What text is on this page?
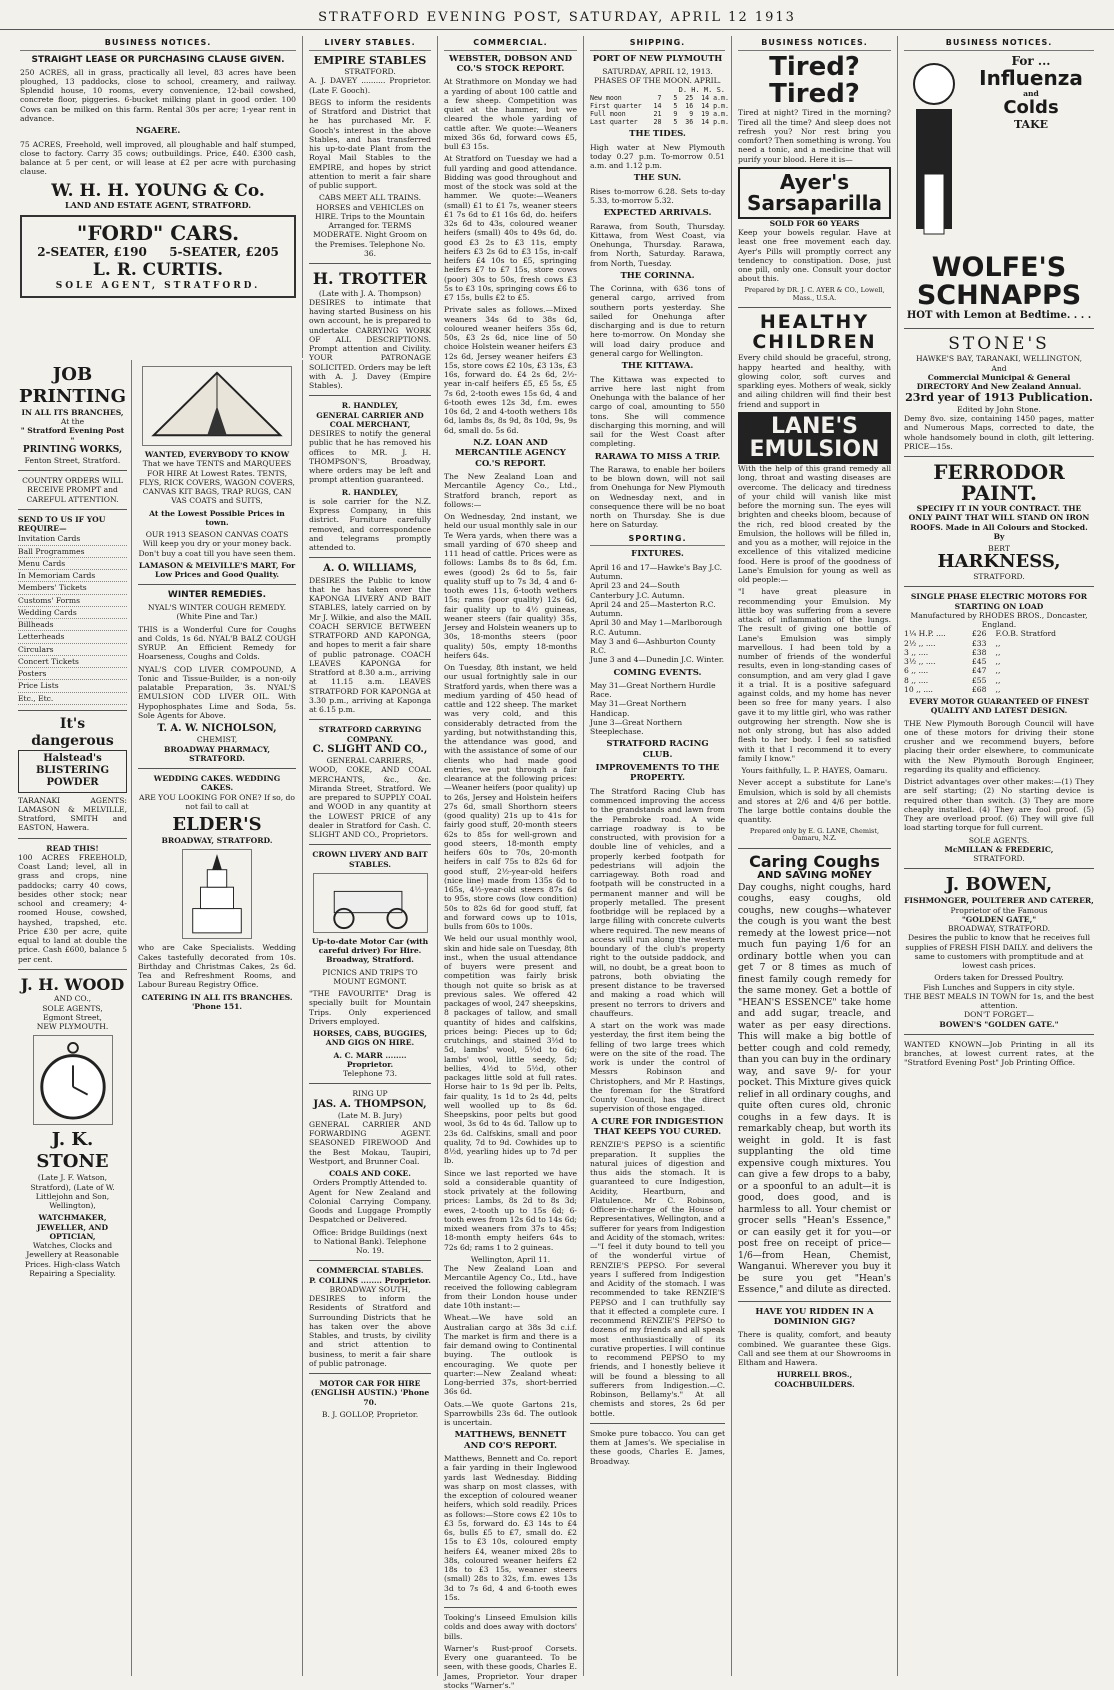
STRATFORD EVENING POST, SATURDAY, APRIL 12 1913
BUSINESS NOTICES.
STRAIGHT LEASE OR PURCHASING CLAUSE GIVEN.

250 ACRES, all in grass, practically all level, 83 acres have been ploughed, 13 paddocks, close to school, creamery, and railway. Splendid house, 10 rooms, every convenience, 12-bail cowshed, concrete floor, piggeries. 6-bucket milking plant in good order. 100 Cows can be milked on this farm. Rental 30s per acre; 1-year rent in advance.

NGAERE.

75 ACRES, Freehold, well improved, all ploughable and half stumped, close to factory. Carry 35 cows; outbuildings. Price, £40. £300 cash, balance at 5 per cent, or will lease at £2 per acre with purchasing clause.

W. H. H. YOUNG & Co.
LAND AND ESTATE AGENT, STRATFORD.
"FORD" CARS.
2-SEATER, £190 5-SEATER, £205
L. R. CURTIS.
SOLE AGENT, STRATFORD.
JOB
PRINTING
IN ALL ITS BRANCHES,
At the
" Stratford Evening Post "
PRINTING WORKS,
Fenton Street, Stratford.

COUNTRY ORDERS WILL RECEIVE PROMPT and CAREFUL ATTENTION.

SEND TO US IF YOU REQUIRE—
Invitation Cards
Ball Programmes
Menu Cards
In Memoriam Cards
Members' Tickets
Customs' Forms
Wedding Cards
Billheads
Letterheads
Circulars
Concert Tickets
Posters
Price Lists
Etc., Etc.
It's dangerous
Halstead's BLISTERING POWDER

TARANAKI AGENTS: LAMASON & MELVILLE, Stratford, SMITH and EASTON, Hawera.

READ THIS!

100 ACRES FREEHOLD, Coast Land; level, all in grass and crops, nine paddocks; carry 40 cows, besides other stock; near school and creamery; 4-roomed House, cowshed, hayshed, trapshed, etc. Price £30 per acre, quite equal to land at double the price. Cash £600, balance 5 per cent.

J. H. WOOD
AND CO.,
SOLE AGENTS,
Egmont Street,
NEW PLYMOUTH.
J. K. STONE

(Late J. F. Watson, Stratford), (Late of W. Littlejohn and Son, Wellington),

WATCHMAKER, JEWELLER, AND OPTICIAN,

Watches, Clocks and Jewellery at Reasonable Prices. High-class Watch Repairing a Speciality.

WANTED, EVERYBODY TO KNOW

That we have TENTS and MARQUEES FOR HIRE At Lowest Rates. TENTS, FLYS, RICK COVERS, WAGON COVERS, CANVAS KIT BAGS, TRAP RUGS, CAN VAS COATS and SUITS,

At the Lowest Possible Prices in town.

OUR 1913 SEASON CANVAS COATS Will keep you dry or your money back. Don't buy a coat till you have seen them.

LAMASON & MELVILLE'S MART, For Low Prices and Good Quality.
WINTER REMEDIES.

NYAL'S WINTER COUGH REMEDY. (White Pine and Tar.)

THIS is a Wonderful Cure for Coughs and Colds, 1s 6d. NYAL'B BALZ COUGH SYRUP. An Efficient Remedy for Hoarseness, Coughs and Colds.

NYAL'S COD LIVER COMPOUND, A Tonic and Tissue-Builder, is a non-oily palatable Preparation, 3s. NYAL'S EMULSION COD LIVER OIL. With Hypophosphates Lime and Soda, 5s. Sole Agents for Above.

T. A. W. NICHOLSON,
CHEMIST,
BROADWAY PHARMACY, STRATFORD.
WEDDING CAKES. WEDDING CAKES.

ARE YOU LOOKING FOR ONE? If so, do not fail to call at

ELDER'S
BROADWAY, STRATFORD.

who are Cake Specialists. Wedding Cakes tastefully decorated from 10s. Birthday and Christmas Cakes, 2s 6d. Tea and Refreshment Rooms, and Labour Bureau Registry Office.

CATERING IN ALL ITS BRANCHES. 'Phone 151.
LIVERY STABLES.
EMPIRE STABLES
STRATFORD.

A. J. DAVEY .......... Proprietor. (Late F. Gooch).

BEGS to inform the residents of Stratford and District that he has purchased Mr. F. Gooch's interest in the above Stables, and has transferred his up-to-date Plant from the Royal Mail Stables to the EMPIRE, and hopes by strict attention to merit a fair share of public support.

CABS MEET ALL TRAINS. HORSES and VEHICLES on HIRE. Trips to the Mountain Arranged for. TERMS MODERATE. Night Groom on the Premises. Telephone No. 36.

H. TROTTER
(Late with J. A. Thompson)

DESIRES to intimate that having started Business on his own account, he is prepared to undertake CARRYING WORK OF ALL DESCRIPTIONS. Prompt attention and Civility. YOUR PATRONAGE SOLICITED. Orders may be left with A. J. Davey (Empire Stables).

R. HANDLEY,
GENERAL CARRIER AND COAL MERCHANT,

DESIRES to notify the general public that he has removed his offices to MR. J. H. THOMPSON'S, Broadway, where orders may be left and prompt attention guaranteed.

R. HANDLEY,

is sole carrier for the N.Z. Express Company, in this district. Furniture carefully removed, and correspondence and telegrams promptly attended to.

A. O. WILLIAMS,

DESIRES the Public to know that he has taken over the KAPONGA LIVERY AND BAIT STABLES, lately carried on by Mr J. Wilkie, and also the MAIL COACH SERVICE BETWEEN STRATFORD AND KAPONGA, and hopes to merit a fair share of public patronage. COACH LEAVES KAPONGA for Stratford at 8.30 a.m., arriving at 11.15 a.m. LEAVES STRATFORD FOR KAPONGA at 3.30 p.m., arriving at Kaponga at 6.15 p.m.

STRATFORD CARRYING COMPANY.
C. SLIGHT AND CO.,
GENERAL CARRIERS,

WOOD, COKE, AND COAL MERCHANTS, &c., &c. Miranda Street, Stratford. We are prepared to SUPPLY COAL and WOOD in any quantity at the LOWEST PRICE of any dealer in Stratford for Cash. C. SLIGHT AND CO., Proprietors.

CROWN LIVERY AND BAIT STABLES.

Up-to-date Motor Car (with careful driver) For Hire. Broadway, Stratford.

PICNICS AND TRIPS TO MOUNT EGMONT.

"THE FAVOURITE" Drag is specially built for Mountain Trips. Only experienced Drivers employed.

HORSES, CABS, BUGGIES, AND GIGS ON HIRE.

A. C. MARR ........ Proprietor.
Telephone 73.
RING UP
JAS. A. THOMPSON,
(Late M. B. Jury)

GENERAL CARRIER AND FORWARDING AGENT. SEASONED FIREWOOD And the Best Mokau, Taupiri, Westport, and Brunner Coal.

COALS AND COKE.
Orders Promptly Attended to.

Agent for New Zealand and Colonial Carrying Company. Goods and Luggage Promptly Despatched or Delivered.

Office: Bridge Buildings (next to National Bank). Telephone No. 19.

COMMERCIAL STABLES.
P. COLLINS ........ Proprietor.
BROADWAY SOUTH,

DESIRES to inform the Residents of Stratford and Surrounding Districts that he has taken over the above Stables, and trusts, by civility and strict attention to business, to merit a fair share of public patronage.

MOTOR CAR FOR HIRE (ENGLISH AUSTIN.) 'Phone 70.

B. J. GOLLOP, Proprietor.
COMMERCIAL.
WEBSTER, DOBSON AND CO.'S STOCK REPORT.

At Strathmore on Monday we had a yarding of about 100 cattle and a few sheep. Competition was quiet at the hammer, but we cleared the whole yarding of cattle after. We quote:—Weaners mixed 36s 6d, forward cows £5, bull £3 15s.

At Stratford on Tuesday we had a full yarding and good attendance. Bidding was good throughout and most of the stock was sold at the hammer. We quote:—Weaners (small) £1 to £1 7s, weaner steers £1 7s 6d to £1 16s 6d, do. heifers 32s 6d to 43s, coloured weaner heifers (small) 40s to 49s 6d, do. good £3 2s to £3 11s, empty heifers £3 2s 6d to £3 15s, in-calf heifers £4 10s to £5, springing heifers £7 to £7 15s, store cows (poor) 30s to 50s, fresh cows £3 5s to £3 10s, springing cows £6 to £7 15s, bulls £2 to £5.

Private sales as follows.—Mixed weaners 34s 6d to 38s 6d, coloured weaner heifers 35s 6d, 50s, £3 2s 6d, nice line of 50 choice Holstein weaner heifers £3 12s 6d, Jersey weaner heifers £3 15s, store cows £2 10s, £3 13s, £3 16s, forward do. £4 2s 6d, 2½-year in-calf heifers £5, £5 5s, £5 7s 6d, 2-tooth ewes 15s 6d, 4 and 6-tooth ewes 12s 3d, f.m. ewes 10s 6d, 2 and 4-tooth wethers 18s 6d, lambs 8s, 8s 9d, 8s 10d, 9s, 9s 6d, small do. 5s 6d.

N.Z. LOAN AND MERCANTILE AGENCY CO.'S REPORT.

The New Zealand Loan and Mercantile Agency Co., Ltd., Stratford branch, report as follows:—

On Wednesday, 2nd instant, we held our usual monthly sale in our Te Wera yards, when there was a small yarding of 670 sheep and 111 head of cattle. Prices were as follows: Lambs 8s to 8s 6d, f.m. ewes (good) 2s 6d to 5s, fair quality stuff up to 7s 3d, 4 and 6-tooth ewes 11s, 6-tooth wethers 15s; rams (poor quality) 12s 6d, fair quality up to 4½ guineas, weaner steers (fair quality) 35s, Jersey and Holstein weaners up to 30s, 18-months steers (poor quality) 50s, empty 18-months heifers 64s.

On Tuesday, 8th instant, we held our usual fortnightly sale in our Stratford yards, when there was a medium yarding of 450 head of cattle and 122 sheep. The market was very cold, and this considerably detracted from the yarding, but notwithstanding this, the attendance was good, and with the assistance of some of our clients who had made good entries, we put through a fair clearance at the following prices:—Weaner heifers (poor quality) up to 26s, Jersey and Holstein heifers 27s 6d, small Shorthorn steers (good quality) 21s up to 41s for fairly good stuff, 20-month steers 62s to 85s for well-grown and good steers, 18-month empty heifers 60s to 70s, 20-month heifers in calf 75s to 82s 6d for good stuff, 2½-year-old heifers (nice line) made from 135s 6d to 165s, 4½-year-old steers 87s 6d to 95s, store cows (low condition) 50s to 82s 6d for good stuff, fat and forward cows up to 101s, bulls from 60s to 100s.

We held our usual monthly wool, skin and hide sale on Tuesday, 8th inst., when the usual attendance of buyers were present and competition was fairly brisk though not quite so brisk as at previous sales. We offered 42 packages of wool, 247 sheepskins, 8 packages of tallow, and small quantity of hides and calfskins, prices being: Pieces up to 6d; crutchings, and stained 3½d to 5d, lambs' wool, 5½d to 6d; lambs' wool, little seedy, 5d; bellies, 4½d to 5½d, other packages little sold at full rates. Horse hair to 1s 9d per lb. Pelts, fair quality, 1s 1d to 2s 4d, pelts well woolled up to 8s 6d. Sheepskins, poor pelts but good wool, 3s 6d to 4s 6d. Tallow up to 23s 6d. Calfskins, small and poor quality, 7d to 9d. Cowhides up to 8½d, yearling hides up to 7d per lb.

Since we last reported we have sold a considerable quantity of stock privately at the following prices: Lambs, 8s 2d to 8s 3d; ewes, 2-tooth up to 15s 6d; 6-tooth ewes from 12s 6d to 14s 6d; mixed weaners from 37s to 45s; 18-month empty heifers 64s to 72s 6d; rams 1 to 2 guineas.

Wellington, April 11.

The New Zealand Loan and Mercantile Agency Co., Ltd., have received the following cablegram from their London house under date 10th instant:—

Wheat.—We have sold an Australian cargo at 38s 3d c.i.f. The market is firm and there is a fair demand owing to Continental buying. The outlook is encouraging. We quote per quarter:—New Zealand wheat: Long-berried 37s, short-berried 36s 6d.

Oats.—We quote Gartons 21s, Sparrowbills 23s 6d. The outlook is uncertain.

MATTHEWS, BENNETT AND CO'S REPORT.

Matthews, Bennett and Co. report a fair yarding in their Inglewood yards last Wednesday. Bidding was sharp on most classes, with the exception of coloured weaner heifers, which sold readily. Prices as follows:—Store cows £2 10s to £3 5s, forward do. £3 14s to £4 6s, bulls £5 to £7, small do. £2 15s to £3 10s, coloured empty heifers £4, weaner mixed 28s to 38s, coloured weaner heifers £2 18s to £3 15s, weaner steers (small) 28s to 32s, f.m. ewes 13s 3d to 7s 6d, 4 and 6-tooth ewes 15s.

Tooking's Linseed Emulsion kills colds and does away with doctors' bills.

Warner's Rust-proof Corsets. Every one guaranteed. To be seen, with these goods, Charles E. James, Proprietor. Your draper stocks "Warner's."

SHIPPING.
PORT OF NEW PLYMOUTH
SATURDAY, APRIL 12, 1913.
PHASES OF THE MOON. APRIL.
D. H. M. S.
New moon         7   5  25  14 a.m.
First quarter   14   5  16  14 p.m.
Full moon       21   9   9  19 a.m.
Last quarter    28   5  36  14 p.m.
THE TIDES.

High water at New Plymouth today 0.27 p.m. To-morrow 0.51 a.m. and 1.12 p.m.

THE SUN.

Rises to-morrow 6.28. Sets to-day 5.33, to-morrow 5.32.

EXPECTED ARRIVALS.

Rarawa, from South, Thursday. Kittawa, from West Coast, via Onehunga, Thursday. Rarawa, from North, Saturday. Rarawa, from North, Tuesday.

THE CORINNA.

The Corinna, with 636 tons of general cargo, arrived from southern ports yesterday. She sailed for Onehunga after discharging and is due to return here to-morrow. On Monday she will load dairy produce and general cargo for Wellington.

THE KITTAWA.

The Kittawa was expected to arrive here last night from Onehunga with the balance of her cargo of coal, amounting to 550 tons. She will commence discharging this morning, and will sail for the West Coast after completing.

RARAWA TO MISS A TRIP.

The Rarawa, to enable her boilers to be blown down, will not sail from Onehunga for New Plymouth on Wednesday next, and in consequence there will be no boat north on Thursday. She is due here on Saturday.

SPORTING.
FIXTURES.
April 16 and 17—Hawke's Bay J.C. Autumn.
April 23 and 24—South Canterbury J.C. Autumn.
April 24 and 25—Masterton R.C. Autumn.
April 30 and May 1—Marlborough R.C. Autumn.
May 3 and 6—Ashburton County R.C.
June 3 and 4—Dunedin J.C. Winter.
COMING EVENTS.
May 31—Great Northern Hurdle Race.
May 31—Great Northern Handicap.
June 3—Great Northern Steeplechase.
STRATFORD RACING CLUB.
IMPROVEMENTS TO THE PROPERTY.

The Stratford Racing Club has commenced improving the access to the grandstands and lawn from the Pembroke road. A wide carriage roadway is to be constructed, with provision for a double line of vehicles, and a properly kerbed footpath for pedestrians will adjoin the carriageway. Both road and footpath will be constructed in a permanent manner and will be properly metalled. The present footbridge will be replaced by a large filling with concrete culverts where required. The new means of access will run along the western boundary of the club's property right to the outside paddock, and will, no doubt, be a great boon to patrons, both obviating the present distance to be traversed and making a road which will present no terrors to drivers and chauffeurs.

A start on the work was made yesterday, the first item being the felling of two large trees which were on the site of the road. The work is under the control of Messrs Robinson and Christophers, and Mr P. Hastings, the foreman for the Stratford County Council, has the direct supervision of those engaged.

A CURE FOR INDIGESTION THAT KEEPS YOU CURED.

RENZIE'S PEPSO is a scientific preparation. It supplies the natural juices of digestion and thus aids the stomach. It is guaranteed to cure Indigestion, Acidity, Heartburn, and Flatulence. Mr C. Robinson, Officer-in-charge of the House of Representatives, Wellington, and a sufferer for years from Indigestion and Acidity of the stomach, writes:—"I feel it duty bound to tell you of the wonderful virtue of RENZIE'S PEPSO. For several years I suffered from Indigestion and Acidity of the stomach. I was recommended to take RENZIE'S PEPSO and I can truthfully say that it effected a complete cure. I recommend RENZIE'S PEPSO to dozens of my friends and all speak most enthusiastically of its curative properties. I will continue to recommend PEPSO to my friends, and I honestly believe it will be found a blessing to all sufferers from Indigestion.—C. Robinson, Bellamy's." At all chemists and stores, 2s 6d per bottle.

Smoke pure tobacco. You can get them at James's. We specialise in these goods, Charles E. James, Broadway.

BUSINESS NOTICES.
Tired? Tired?

Tired at night? Tired in the morning? Tired all the time? And sleep does not refresh you? Nor rest bring you comfort? Then something is wrong. You need a tonic, and a medicine that will purify your blood. Here it is—

Ayer's Sarsaparilla
SOLD FOR 60 YEARS

Keep your bowels regular. Have at least one free movement each day. Ayer's Pills will promptly correct any tendency to constipation. Dose, just one pill, only one. Consult your doctor about this.

Prepared by DR. J. C. AYER & CO., Lowell, Mass., U.S.A.
HEALTHY CHILDREN

Every child should be graceful, strong, happy hearted and healthy, with glowing color, soft curves and sparkling eyes. Mothers of weak, sickly and ailing children will find their best friend and support in

LANE'S EMULSION

With the help of this grand remedy all long, throat and wasting diseases are overcome. The delicacy and tiredness of your child will vanish like mist before the morning sun. The eyes will brighten and cheeks bloom, because of the rich, red blood created by the Emulsion, the hollows will be filled in, and you as a mother, will rejoice in the excellence of this vitalized medicine food. Here is proof of the goodness of Lane's Emulsion for young as well as old people:—

"I have great pleasure in recommending your Emulsion. My little boy was suffering from a severe attack of inflammation of the lungs. The result of giving one bottle of Lane's Emulsion was simply marvellous. I had been told by a number of friends of the wonderful results, even in long-standing cases of consumption, and am very glad I gave it a trial. It is a positive safeguard against colds, and my home has never been so free for many years. I also gave it to my little girl, who was rather outgrowing her strength. Now she is not only strong, but has also added flesh to her body. I feel so satisfied with it that I recommend it to every family I know."

Yours faithfully, L. P. HAYES, Oamaru.

Never accept a substitute for Lane's Emulsion, which is sold by all chemists and stores at 2/6 and 4/6 per bottle. The large bottle contains double the quantity.

Prepared only by E. G. LANE, Chemist, Oamaru, N.Z.
Caring Coughs
AND SAVING MONEY

Day coughs, night coughs, hard coughs, easy coughs, old coughs, new coughs—whatever the cough is you want the best remedy at the lowest price—not much fun paying 1/6 for an ordinary bottle when you can get 7 or 8 times as much of finest family cough remedy for the same money. Get a bottle of "HEAN'S ESSENCE" take home and add sugar, treacle, and water as per easy directions. This will make a big bottle of better cough and cold remedy, than you can buy in the ordinary way, and save 9/- for your pocket. This Mixture gives quick relief in all ordinary coughs, and quite often cures old, chronic coughs in a few days. It is remarkably cheap, but worth its weight in gold. It is fast supplanting the old time expensive cough mixtures. You can give a few drops to a baby, or a spoonful to an adult—it is good, does good, and is harmless to all. Your chemist or grocer sells "Hean's Essence," or can easily get it for you—or post free on receipt of price—1/6—from Hean, Chemist, Wanganui. Wherever you buy it be sure you get "Hean's Essence," and dilute as directed.

HAVE YOU RIDDEN IN A DOMINION GIG?

There is quality, comfort, and beauty combined. We guarantee these Gigs. Call and see them at our Showrooms in Eltham and Hawera.

HURRELL BROS.,
COACHBUILDERS.
BUSINESS NOTICES.
For ...
Influenza
and
Colds
TAKE
WOLFE'S SCHNAPPS
HOT with Lemon at Bedtime. . . .
STONE'S
HAWKE'S BAY, TARANAKI, WELLINGTON,
And
Commercial Municipal & General DIRECTORY And New Zealand Annual.
23rd year of 1913 Publication.
Edited by John Stone.

Demy 8vo. size, containing 1450 pages, matter and Numerous Maps, corrected to date, the whole handsomely bound in cloth, gilt lettering. PRICE—15s.

FERRODOR PAINT.

SPECIFY IT IN YOUR CONTRACT. THE ONLY PAINT THAT WILL STAND ON IRON ROOFS. Made in All Colours and Stocked. By

BERT
HARKNESS,
STRATFORD.
SINGLE PHASE ELECTRIC MOTORS FOR STARTING ON LOAD
Manufactured by RHODES BROS., Doncaster, England.
1¼ H.P. ....	£26	F.O.B. Stratford
2½ ,, ....	£33	,,
3 ,, ....	£38	,,
3½ ,, ....	£45	,,
6 ,, ....	£47	,,
8 ,, ....	£55	,,
10 ,, ....	£68	,,

EVERY MOTOR GUARANTEED OF FINEST QUALITY AND LATEST DESIGN.

THE New Plymouth Borough Council will have one of these motors for driving their stone crusher and we recommend buyers, before placing their order elsewhere, to communicate with the New Plymouth Borough Engineer, regarding its quality and efficiency.

District advantages over other makes:—(1) They are self starting; (2) No starting device is required other than switch. (3) They are more cheaply installed. (4) They are fool proof. (5) They are overload proof. (6) They will give full load starting torque for full current.

SOLE AGENTS.
McMILLAN & FREDERIC,
STRATFORD.
J. BOWEN,
FISHMONGER, POULTERER AND CATERER,
Proprietor of the Famous
"GOLDEN GATE,"
BROADWAY, STRATFORD.

Desires the public to know that he receives full supplies of FRESH FISH DAILY. and delivers the same to customers with promptitude and at lowest cash prices.

Orders taken for Dressed Poultry.
Fish Lunches and Suppers in city style.
THE BEST MEALS IN TOWN for 1s, and the best attention.
DON'T FORGET—
BOWEN'S "GOLDEN GATE."

WANTED KNOWN—Job Printing in all its branches, at lowest current rates, at the "Stratford Evening Post" Job Printing Office.
